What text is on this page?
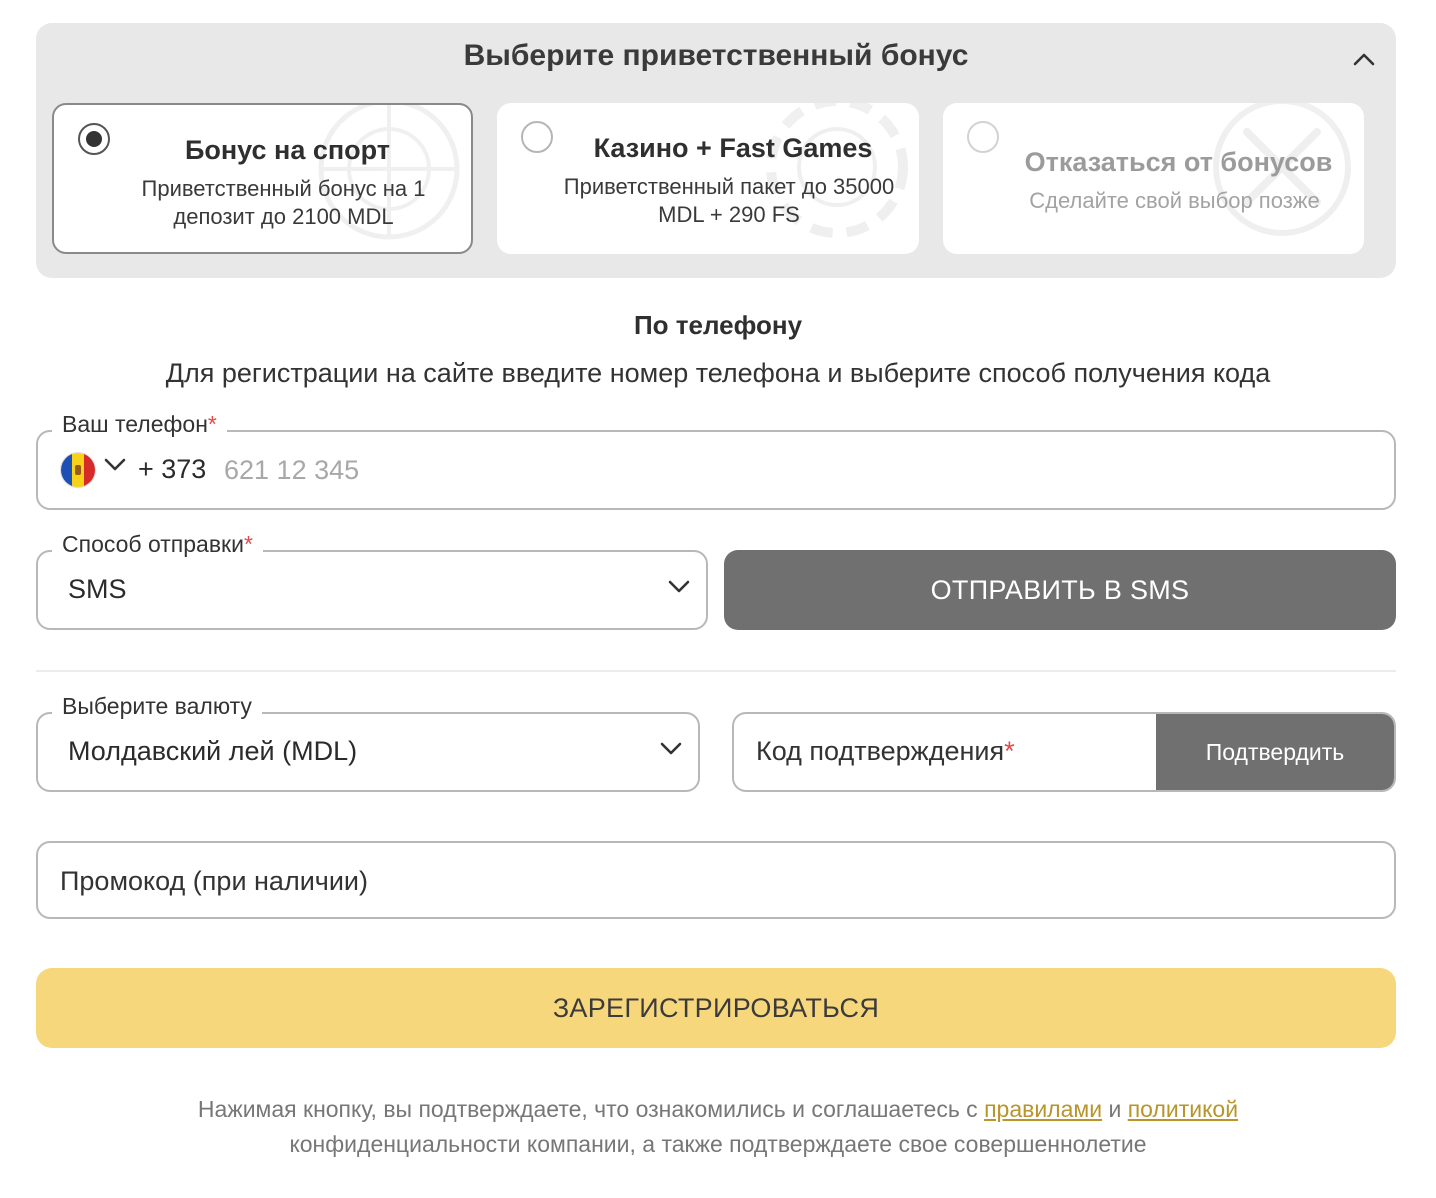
Выберите приветственный бонус
Бонус на спорт
Приветственный бонус на 1 депозит до 2100 MDL
Казино + Fast Games
Приветственный пакет до 35000 MDL + 290 FS
Отказаться от бонусов
Сделайте свой выбор позже
По телефону
Для регистрации на сайте введите номер телефона и выберите способ получения кода
Ваш телефон*
+ 373
621 12 345
Способ отправки*
SMS	ОТПРАВИТЬ В SMS
Выберите валюту
Молдавский лей (MDL)	Код подтверждения*	Подтвердить
Промокод (при наличии)
ЗАРЕГИСТРИРОВАТЬСЯ
Нажимая кнопку, вы подтверждаете, что ознакомились и соглашаетесь с правилами и политикой конфиденциальности компании, а также подтверждаете свое совершеннолетие
